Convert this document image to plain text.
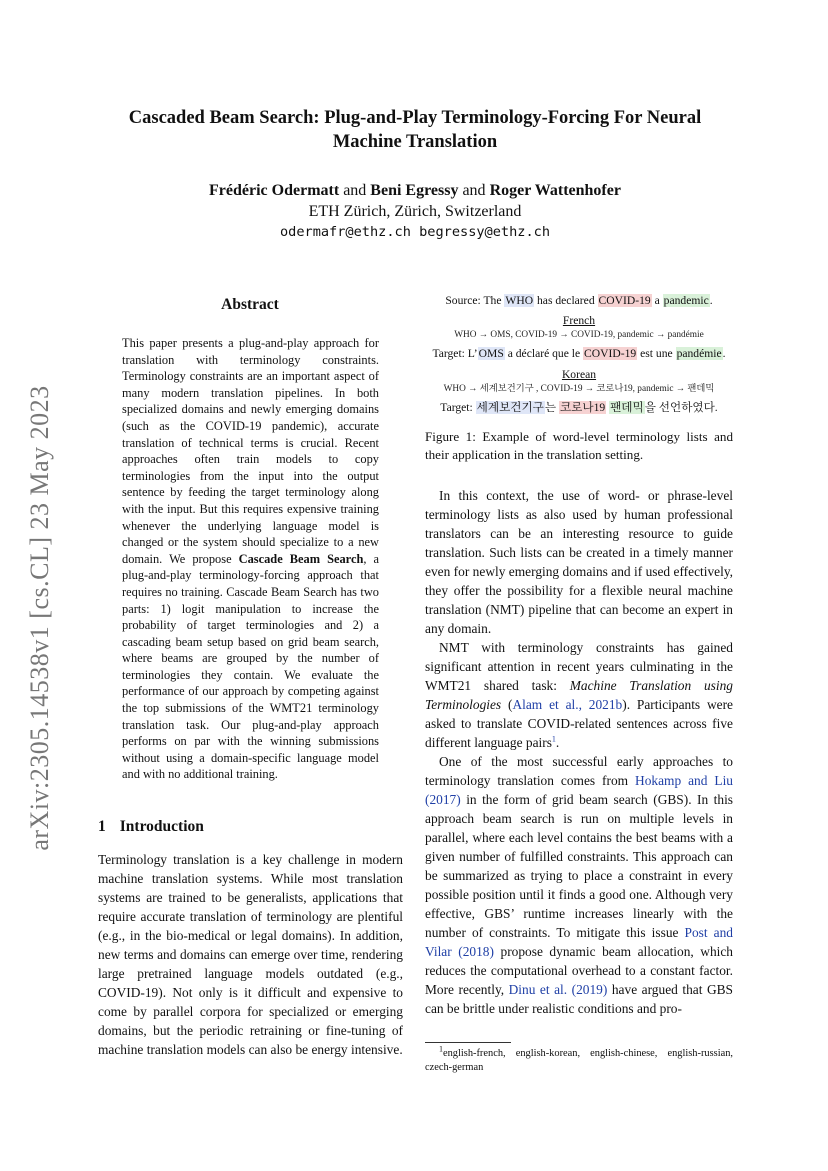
arXiv:2305.14538v1 [cs.CL] 23 May 2023
Cascaded Beam Search: Plug-and-Play Terminology-Forcing For Neural Machine Translation
Frédéric Odermatt and Beni Egressy and Roger Wattenhofer
ETH Zürich, Zürich, Switzerland
odermafr@ethz.ch begressy@ethz.ch
Abstract
This paper presents a plug-and-play approach for translation with terminology constraints. Terminology constraints are an important aspect of many modern translation pipelines. In both specialized domains and newly emerging domains (such as the COVID-19 pandemic), accurate translation of technical terms is crucial. Recent approaches often train models to copy terminologies from the input into the output sentence by feeding the target terminology along with the input. But this requires expensive training whenever the underlying language model is changed or the system should specialize to a new domain. We propose Cascade Beam Search, a plug-and-play terminology-forcing approach that requires no training. Cascade Beam Search has two parts: 1) logit manipulation to increase the probability of target terminologies and 2) a cascading beam setup based on grid beam search, where beams are grouped by the number of terminologies they contain. We evaluate the performance of our approach by competing against the top submissions of the WMT21 terminology translation task. Our plug-and-play approach performs on par with the winning submissions without using a domain-specific language model and with no additional training.
1 Introduction

Terminology translation is a key challenge in modern machine translation systems. While most translation systems are trained to be generalists, applications that require accurate translation of terminology are plentiful (e.g., in the bio-medical or legal domains). In addition, new terms and domains can emerge over time, rendering large pretrained language models outdated (e.g., COVID-19). Not only is it difficult and expensive to come by parallel corpora for specialized or emerging domains, but the periodic retraining or fine-tuning of machine translation models can also be energy intensive.

Source: The WHO has declared COVID-19 a pandemic.
French
WHO → OMS, COVID-19 → COVID-19, pandemic → pandémie
Target: L’OMS a déclaré que le COVID-19 est une pandémie.
Korean
WHO → 세계보건기구 , COVID-19 → 코로나19, pandemic → 팬데믹
Target: 세계보건기구는 코로나19 팬데믹을 선언하였다.
Figure 1: Example of word-level terminology lists and their application in the translation setting.

In this context, the use of word- or phrase-level terminology lists as also used by human professional translators can be an interesting resource to guide translation. Such lists can be created in a timely manner even for newly emerging domains and if used effectively, they offer the possibility for a flexible neural machine translation (NMT) pipeline that can become an expert in any domain.

NMT with terminology constraints has gained significant attention in recent years culminating in the WMT21 shared task: Machine Translation using Terminologies (Alam et al., 2021b). Participants were asked to translate COVID-related sentences across five different language pairs$^1$.

One of the most successful early approaches to terminology translation comes from Hokamp and Liu (2017) in the form of grid beam search (GBS). In this approach beam search is run on multiple levels in parallel, where each level contains the best beams with a given number of fulfilled constraints. This approach can be summarized as trying to place a constraint in every possible position until it finds a good one. Although very effective, GBS’ runtime increases linearly with the number of constraints. To mitigate this issue Post and Vilar (2018) propose dynamic beam allocation, which reduces the computational overhead to a constant factor. More recently, Dinu et al. (2019) have argued that GBS can be brittle under realistic conditions and pro-

$^1$english-french, english-korean, english-chinese, english-russian, czech-german
